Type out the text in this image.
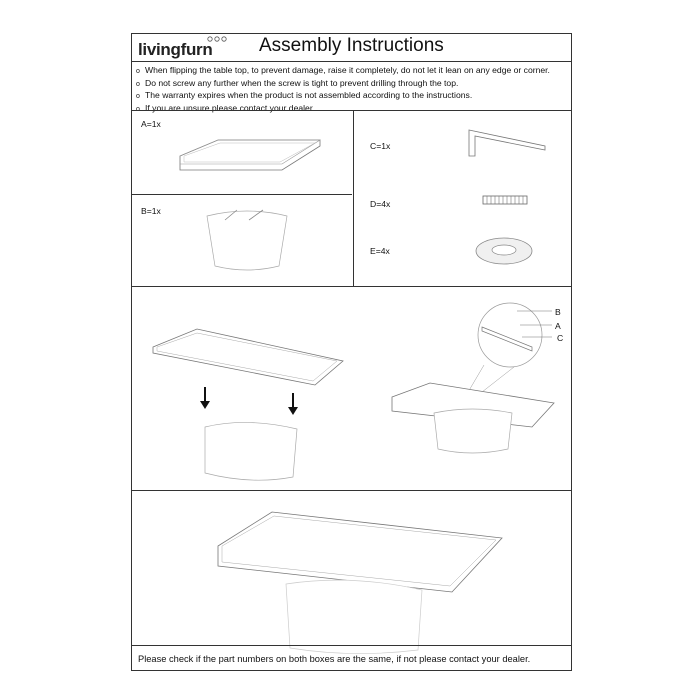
livingfurn Assembly Instructions
o When flipping the table top, to prevent damage, raise it completely, do not let it lean on any edge or corner.
o Do not screw any further when the screw is tight to prevent drilling through the top.
o The warranty expires when the product is not assembled according to the instructions.
o If you are unsure please contact your dealer.
A=1x
B=1x
C=1x
D=4x
E=4x
B
A
C
Please check if the part numbers on both boxes are the same, if not please contact your dealer.
